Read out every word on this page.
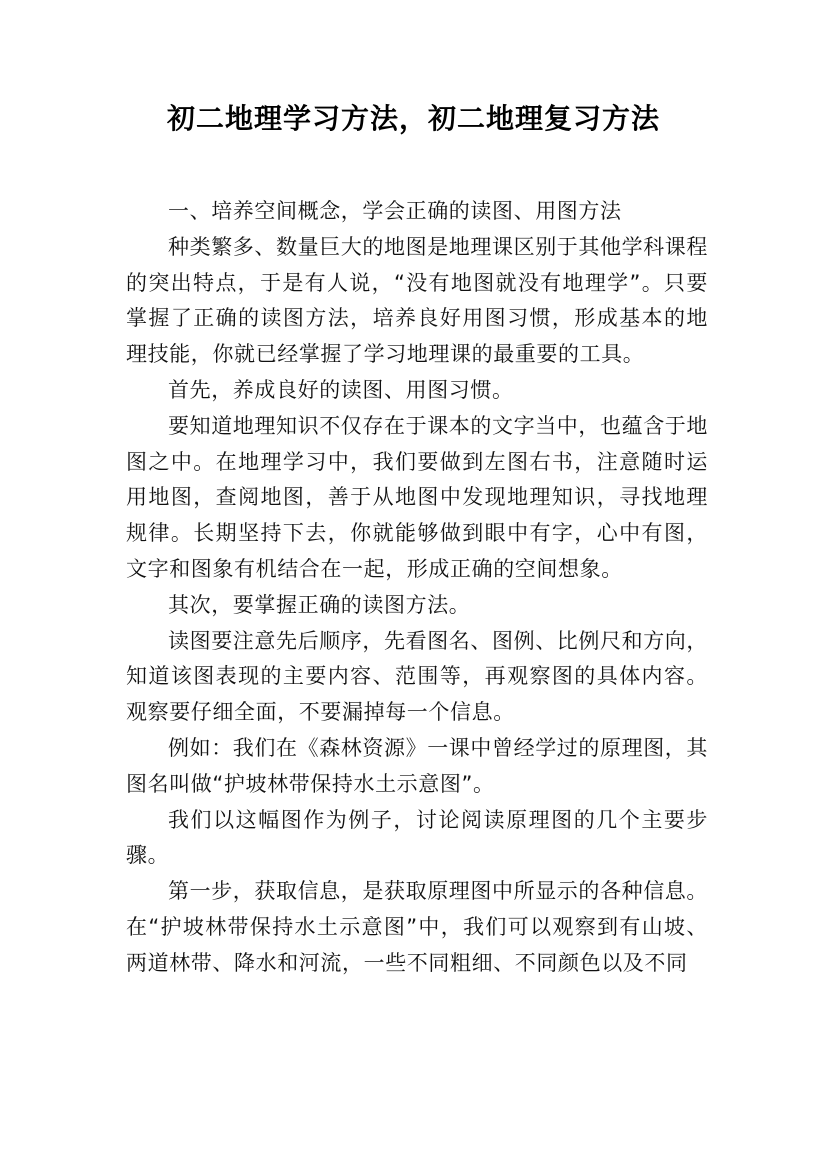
初二地理学习方法，初二地理复习方法

一、培养空间概念，学会正确的读图、用图方法

种类繁多、数量巨大的地图是地理课区别于其他学科课程的突出特点，于是有人说，“没有地图就没有地理学”。只要掌握了正确的读图方法，培养良好用图习惯，形成基本的地理技能，你就已经掌握了学习地理课的最重要的工具。

首先，养成良好的读图、用图习惯。

要知道地理知识不仅存在于课本的文字当中，也蕴含于地图之中。在地理学习中，我们要做到左图右书，注意随时运用地图，查阅地图，善于从地图中发现地理知识，寻找地理规律。长期坚持下去，你就能够做到眼中有字，心中有图，文字和图象有机结合在一起，形成正确的空间想象。

其次，要掌握正确的读图方法。

读图要注意先后顺序，先看图名、图例、比例尺和方向，知道该图表现的主要内容、范围等，再观察图的具体内容。观察要仔细全面，不要漏掉每一个信息。

例如：我们在《森林资源》一课中曾经学过的原理图，其图名叫做“护坡林带保持水土示意图”。

我们以这幅图作为例子，讨论阅读原理图的几个主要步骤。

第一步，获取信息，是获取原理图中所显示的各种信息。在“护坡林带保持水土示意图”中，我们可以观察到有山坡、两道林带、降水和河流，一些不同粗细、不同颜色以及不同
